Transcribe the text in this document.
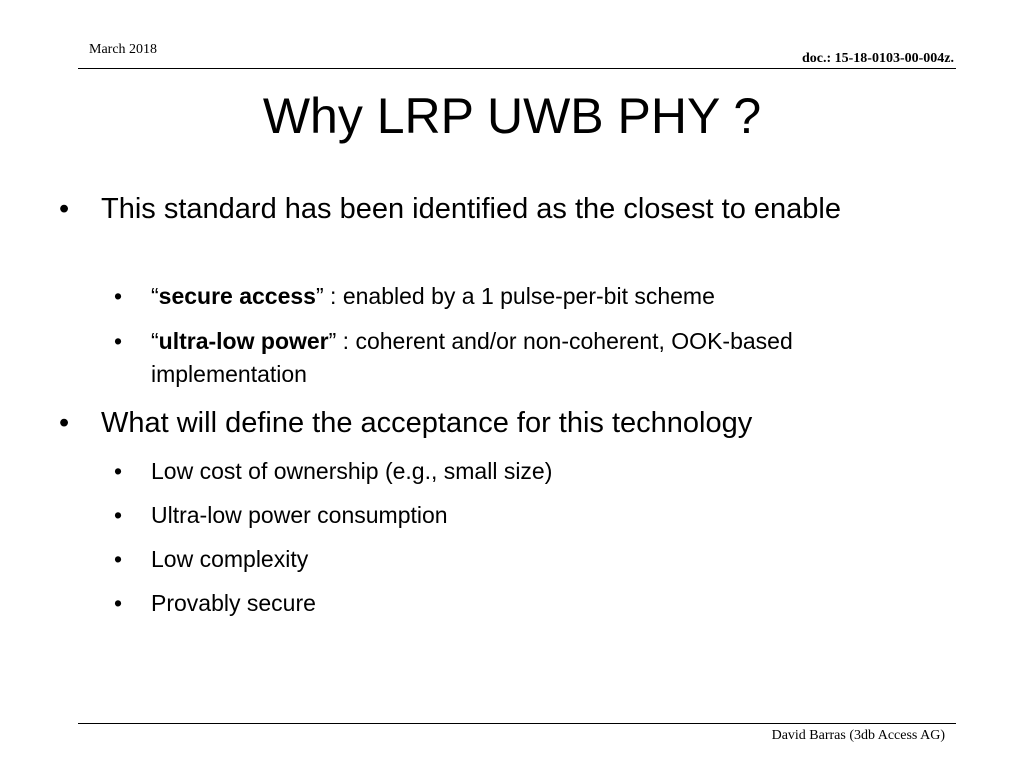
March 2018
doc.: 15-18-0103-00-004z.
Why LRP UWB PHY ?
• This standard has been identified as the closest to enable
• “secure access” : enabled by a 1 pulse-per-bit scheme
• “ultra-low power” : coherent and/or non-coherent, OOK-based implementation
• What will define the acceptance for this technology
• Low cost of ownership (e.g., small size)
• Ultra-low power consumption
• Low complexity
• Provably secure
David Barras (3db Access AG)
